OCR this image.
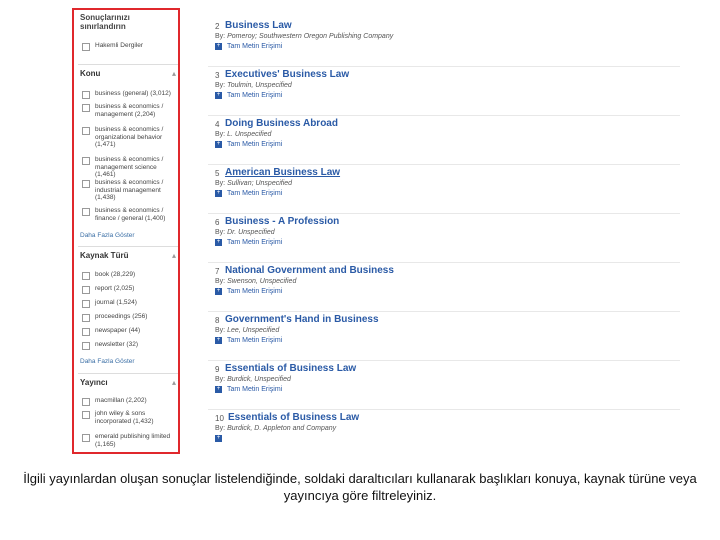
Sonuçlarınızı sınırlandırın
Hakemli Dergiler
Konu	▴
business (general) (3,012)
business & economics / management (2,204)
business & economics / organizational behavior (1,471)
business & economics / management science (1,461)
business & economics / industrial management (1,438)
business & economics / finance / general (1,400)
Daha Fazla Göster
Kaynak Türü	▴
book (28,229)
report (2,025)
journal (1,524)
proceedings (256)
newspaper (44)
newsletter (32)
Daha Fazla Göster
Yayıncı	▴
macmillan (2,202)
john wiley & sons incorporated (1,432)
emerald publishing limited (1,165)
2 Business Law
By: Pomeroy; Southwestern Oregon Publishing Company
+ Tam Metin Erişimi
3 Executives' Business Law
By: Toulmin, Unspecified
+ Tam Metin Erişimi
4 Doing Business Abroad
By: L. Unspecified
+ Tam Metin Erişimi
5 American Business Law
By: Sullivan; Unspecified
+ Tam Metin Erişimi
6 Business - A Profession
By: Dr. Unspecified
+ Tam Metin Erişimi
7 National Government and Business
By: Swenson, Unspecified
+ Tam Metin Erişimi
8 Government's Hand in Business
By: Lee, Unspecified
+ Tam Metin Erişimi
9 Essentials of Business Law
By: Burdick, Unspecified
+ Tam Metin Erişimi
10 Essentials of Business Law
By: Burdick, D. Appleton and Company
+
İlgili yayınlardan oluşan sonuçlar listelendiğinde, soldaki daraltıcıları kullanarak başlıkları konuya, kaynak türüne veya yayıncıya göre filtreleyiniz.
